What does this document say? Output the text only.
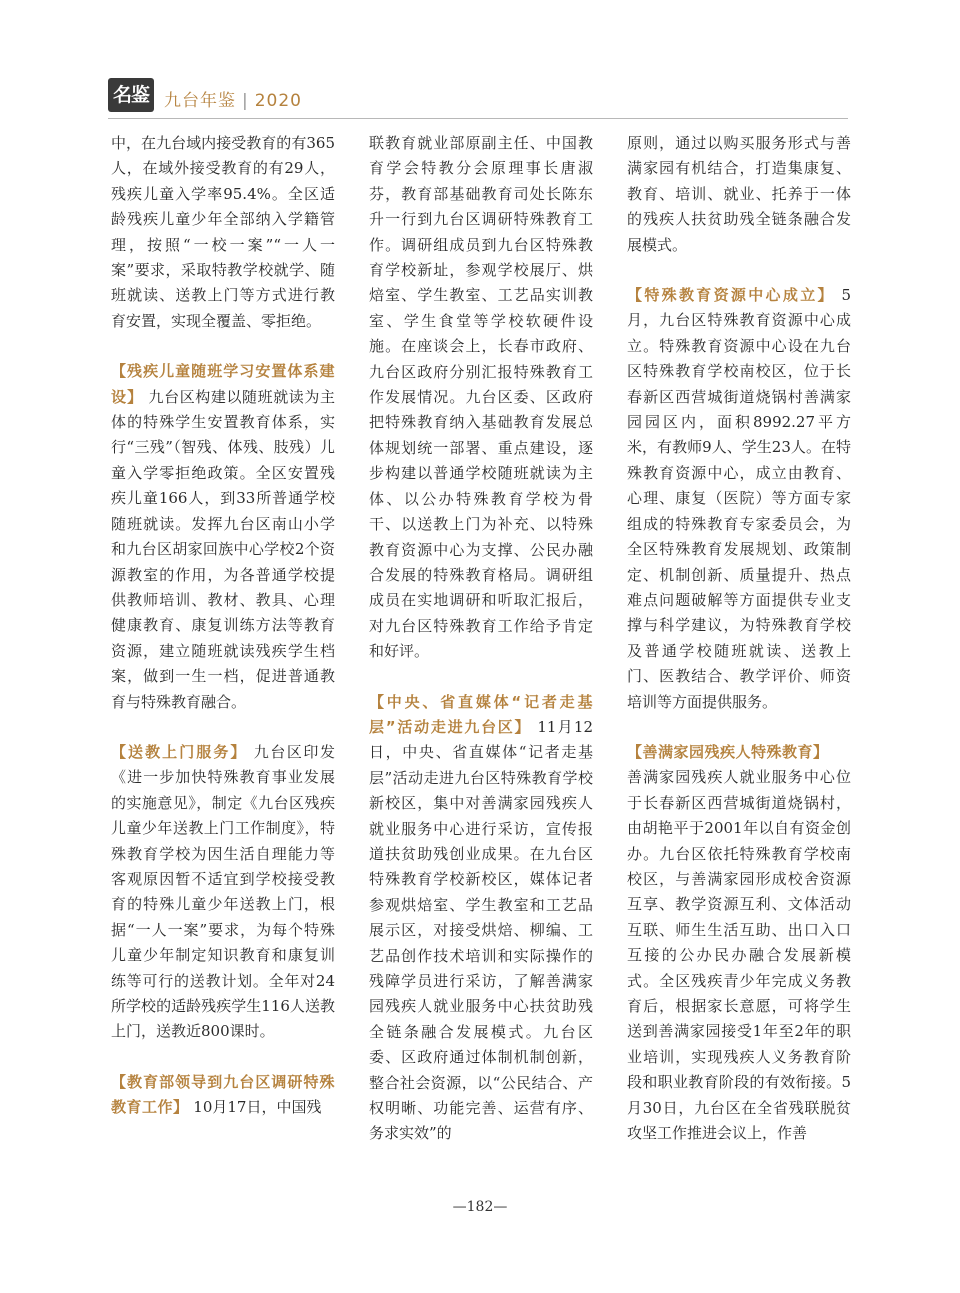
名鉴 九台年鉴 | 2020

中，在九台域内接受教育的有365人，在域外接受教育的有29人，残疾儿童入学率95.4%。全区适龄残疾儿童少年全部纳入学籍管理，按照“一校一案”“一人一案”要求，采取特教学校就学、随班就读、送教上门等方式进行教育安置，实现全覆盖、零拒绝。

【残疾儿童随班学习安置体系建设】 九台区构建以随班就读为主体的特殊学生安置教育体系，实行“三残”（智残、体残、肢残）儿童入学零拒绝政策。全区安置残疾儿童166人，到33所普通学校随班就读。发挥九台区南山小学和九台区胡家回族中心学校2个资源教室的作用，为各普通学校提供教师培训、教材、教具、心理健康教育、康复训练方法等教育资源，建立随班就读残疾学生档案，做到一生一档，促进普通教育与特殊教育融合。

【送教上门服务】 九台区印发《进一步加快特殊教育事业发展的实施意见》，制定《九台区残疾儿童少年送教上门工作制度》，特殊教育学校为因生活自理能力等客观原因暂不适宜到学校接受教育的特殊儿童少年送教上门，根据“一人一案”要求，为每个特殊儿童少年制定知识教育和康复训练等可行的送教计划。全年对24所学校的适龄残疾学生116人送教上门，送教近800课时。

【教育部领导到九台区调研特殊教育工作】 10月17日，中国残

联教育就业部原副主任、中国教育学会特教分会原理事长唐淑芬，教育部基础教育司处长陈东升一行到九台区调研特殊教育工作。调研组成员到九台区特殊教育学校新址，参观学校展厅、烘焙室、学生教室、工艺品实训教室、学生食堂等学校软硬件设施。在座谈会上，长春市政府、九台区政府分别汇报特殊教育工作发展情况。九台区委、区政府把特殊教育纳入基础教育发展总体规划统一部署、重点建设，逐步构建以普通学校随班就读为主体、以公办特殊教育学校为骨干、以送教上门为补充、以特殊教育资源中心为支撑、公民办融合发展的特殊教育格局。调研组成员在实地调研和听取汇报后，对九台区特殊教育工作给予肯定和好评。

【中央、省直媒体“记者走基层”活动走进九台区】 11月12日，中央、省直媒体“记者走基层”活动走进九台区特殊教育学校新校区，集中对善满家园残疾人就业服务中心进行采访，宣传报道扶贫助残创业成果。在九台区特殊教育学校新校区，媒体记者参观烘焙室、学生教室和工艺品展示区，对接受烘焙、柳编、工艺品创作技术培训和实际操作的残障学员进行采访，了解善满家园残疾人就业服务中心扶贫助残全链条融合发展模式。九台区委、区政府通过体制机制创新，整合社会资源，以“公民结合、产权明晰、功能完善、运营有序、务求实效”的

原则，通过以购买服务形式与善满家园有机结合，打造集康复、教育、培训、就业、托养于一体的残疾人扶贫助残全链条融合发展模式。

【特殊教育资源中心成立】 5月，九台区特殊教育资源中心成立。特殊教育资源中心设在九台区特殊教育学校南校区，位于长春新区西营城街道烧锅村善满家园园区内，面积8992.27平方米，有教师9人、学生23人。在特殊教育资源中心，成立由教育、心理、康复（医院）等方面专家组成的特殊教育专家委员会，为全区特殊教育发展规划、政策制定、机制创新、质量提升、热点难点问题破解等方面提供专业支撑与科学建议，为特殊教育学校及普通学校随班就读、送教上门、医教结合、教学评价、师资培训等方面提供服务。

【善满家园残疾人特殊教育】
善满家园残疾人就业服务中心位于长春新区西营城街道烧锅村，由胡艳平于2001年以自有资金创办。九台区依托特殊教育学校南校区，与善满家园形成校舍资源互享、教学资源互利、文体活动互联、师生生活互助、出口入口互接的公办民办融合发展新模式。全区残疾青少年完成义务教育后，根据家长意愿，可将学生送到善满家园接受1年至2年的职业培训，实现残疾人义务教育阶段和职业教育阶段的有效衔接。5月30日，九台区在全省残联脱贫攻坚工作推进会议上，作善

—182—
